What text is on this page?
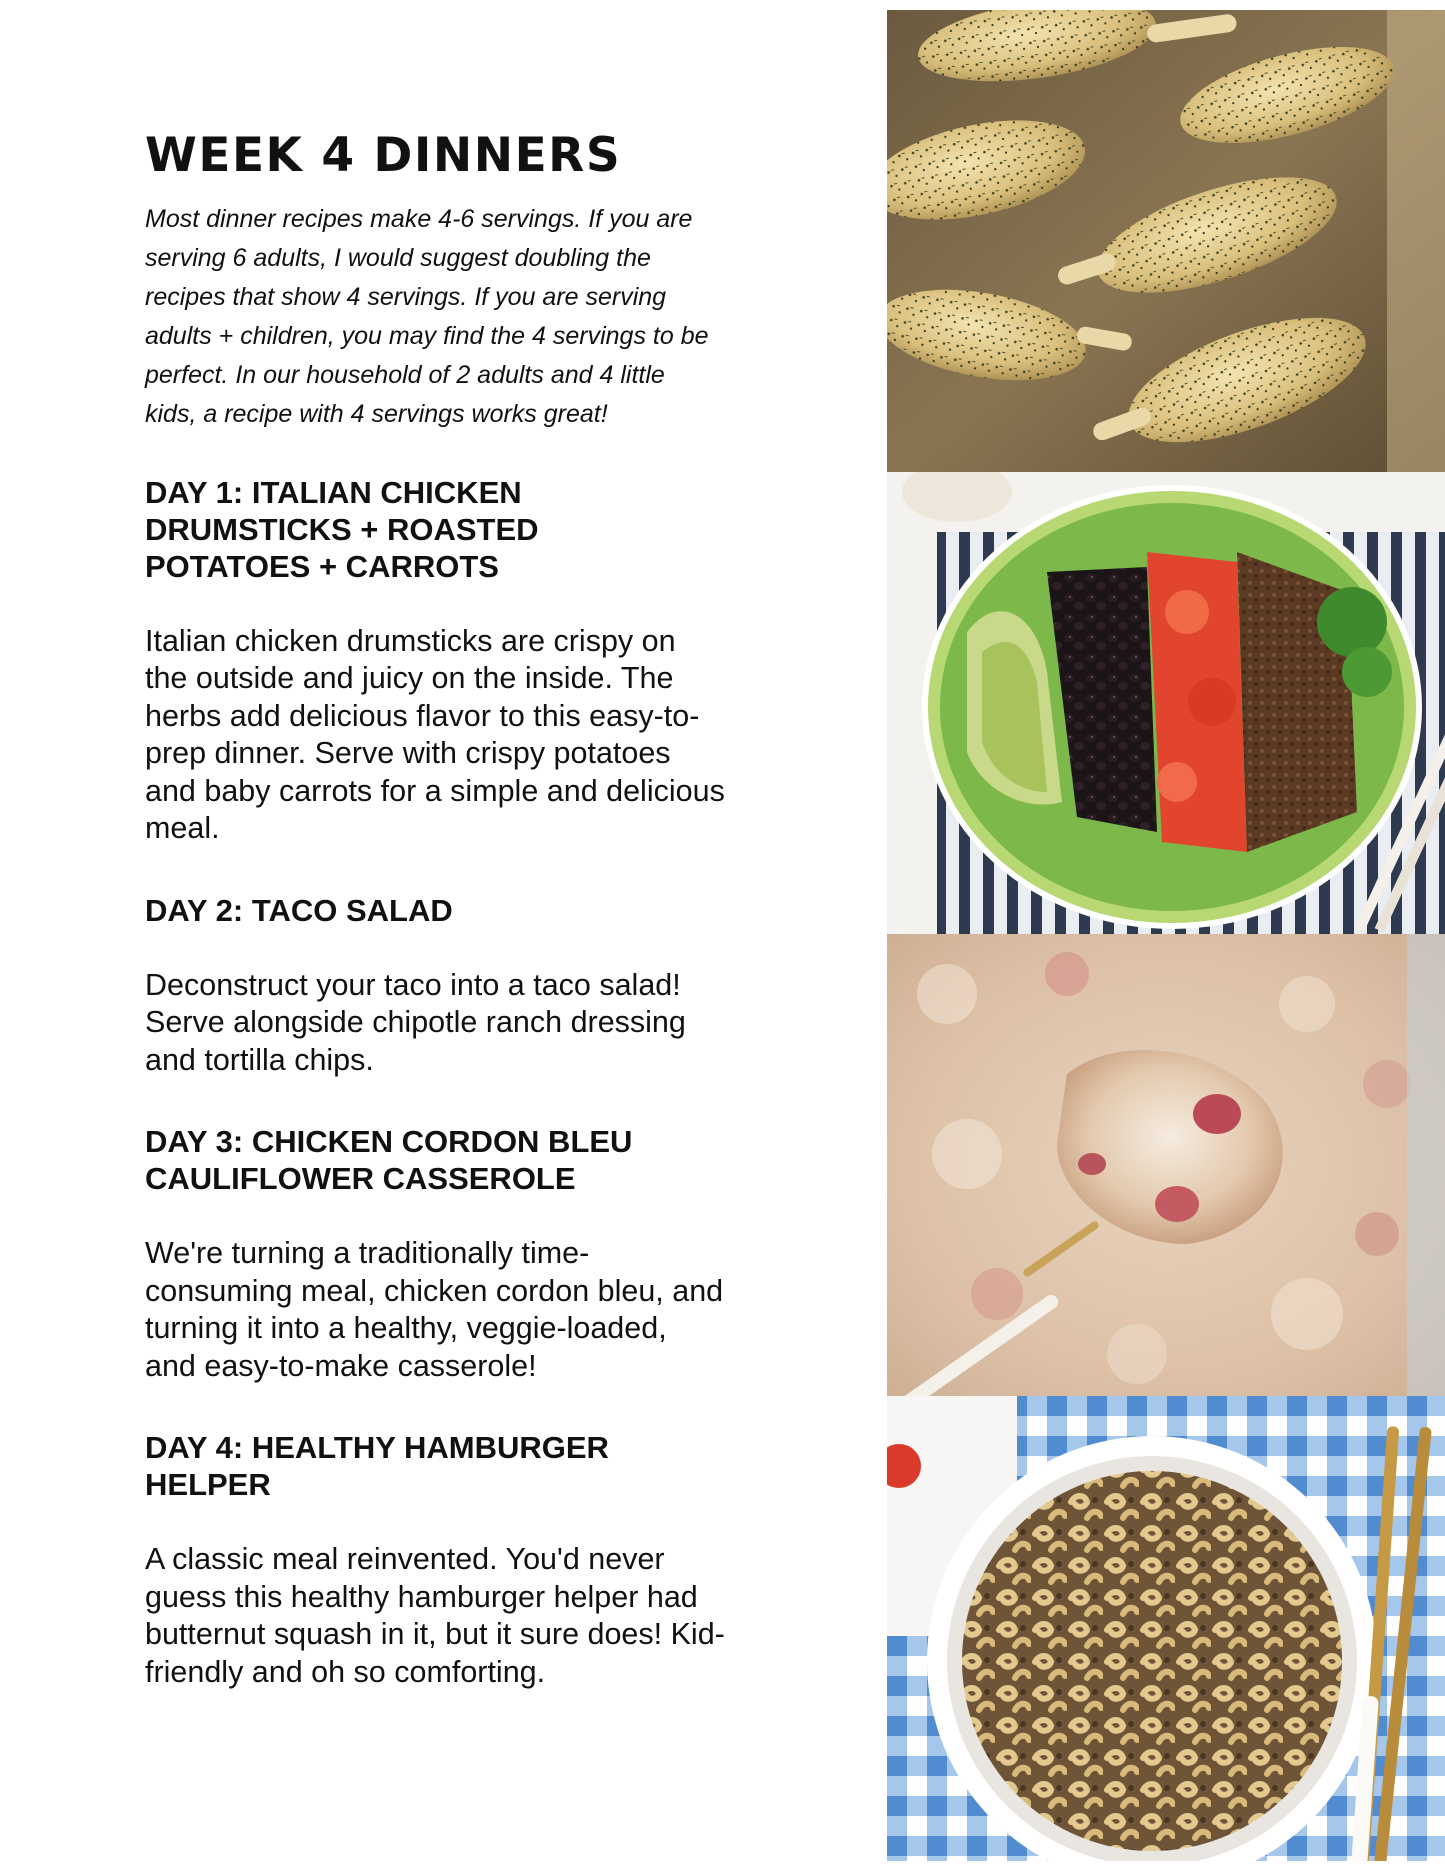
WEEK 4 DINNERS

Most dinner recipes make 4-6 servings. If you are serving 6 adults, I would suggest doubling the recipes that show 4 servings. If you are serving adults + children, you may find the 4 servings to be perfect. In our household of 2 adults and 4 little kids, a recipe with 4 servings works great!

DAY 1: ITALIAN CHICKEN DRUMSTICKS + ROASTED POTATOES + CARROTS

Italian chicken drumsticks are crispy on the outside and juicy on the inside. The herbs add delicious flavor to this easy-to-prep dinner. Serve with crispy potatoes and baby carrots for a simple and delicious meal.

DAY 2: TACO SALAD

Deconstruct your taco into a taco salad! Serve alongside chipotle ranch dressing and tortilla chips.

DAY 3: CHICKEN CORDON BLEU CAULIFLOWER CASSEROLE

We're turning a traditionally time-consuming meal, chicken cordon bleu, and turning it into a healthy, veggie-loaded, and easy-to-make casserole!

DAY 4: HEALTHY HAMBURGER HELPER

A classic meal reinvented. You'd never guess this healthy hamburger helper had butternut squash in it, but it sure does! Kid-friendly and oh so comforting.
